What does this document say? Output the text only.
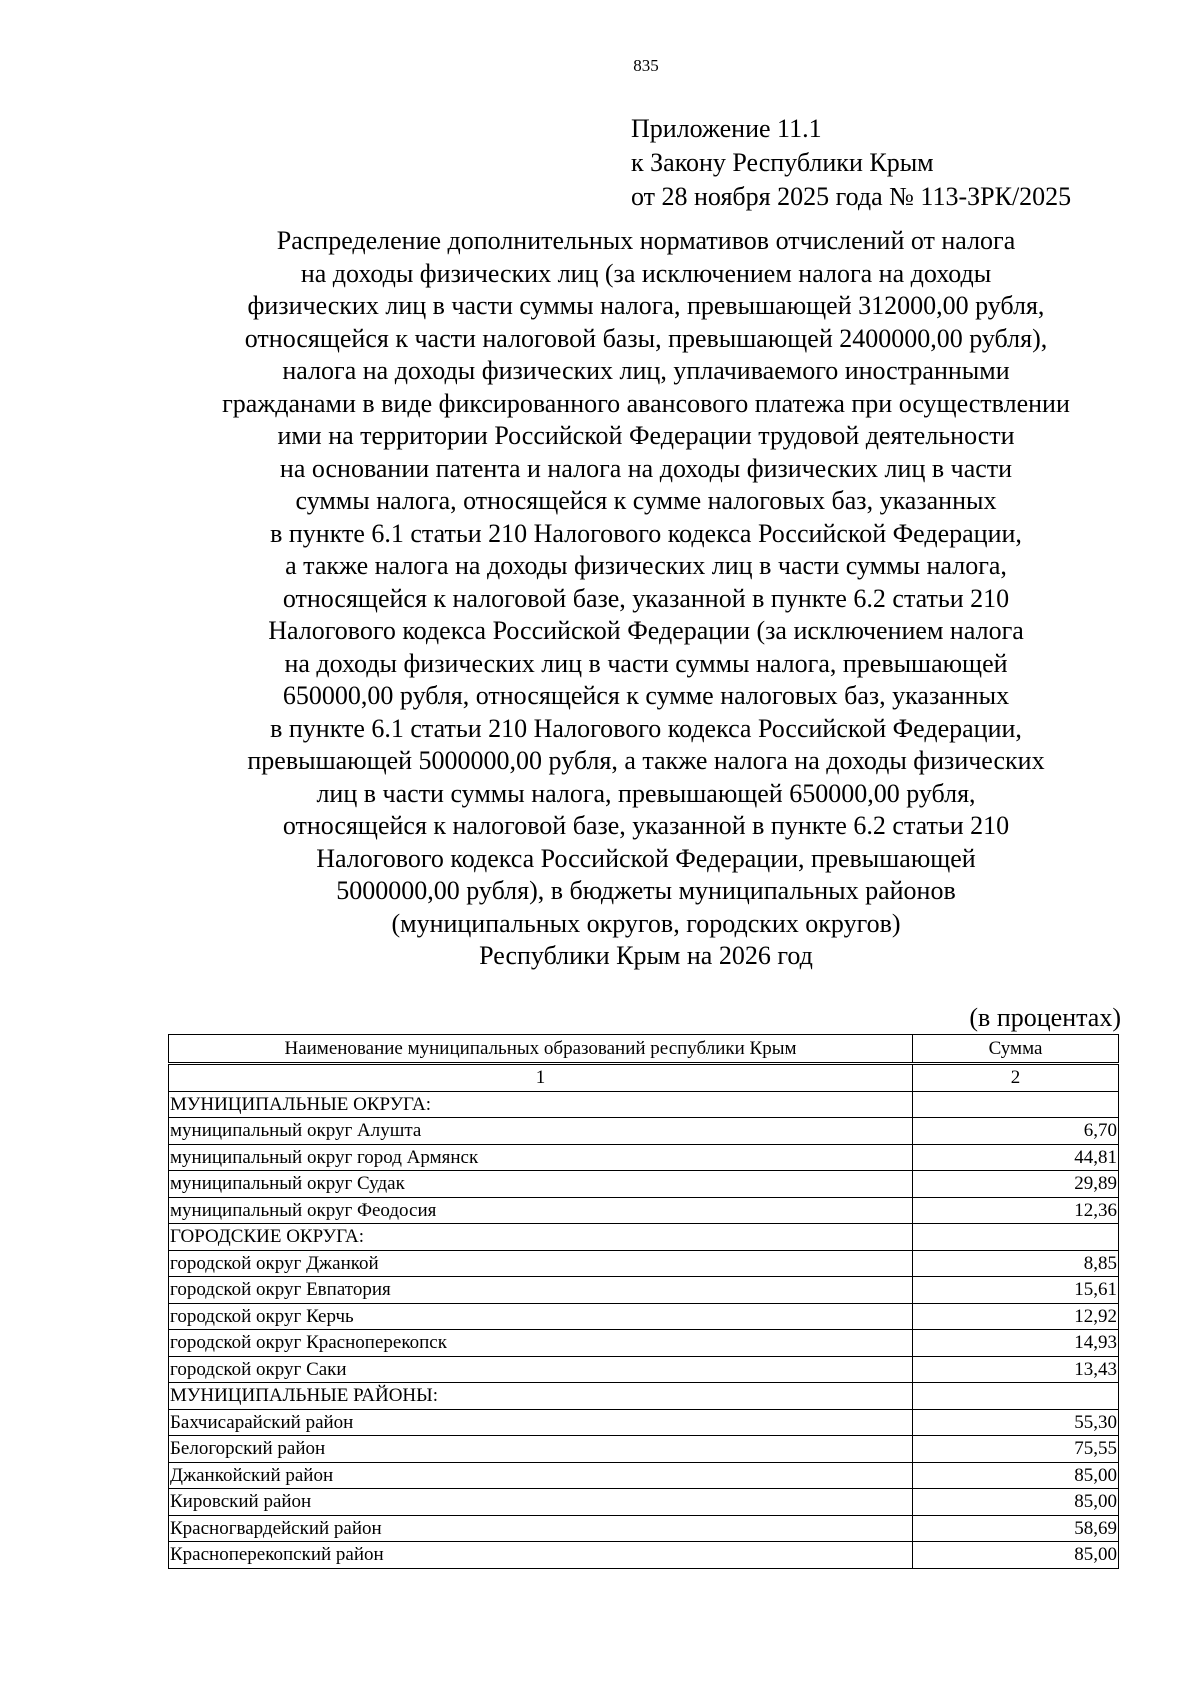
835
Приложение 11.1
к Закону Республики Крым
от 28 ноября 2025 года № 113-ЗРК/2025
Распределение дополнительных нормативов отчислений от налога
на доходы физических лиц (за исключением налога на доходы
физических лиц в части суммы налога, превышающей 312000,00 рубля,
относящейся к части налоговой базы, превышающей 2400000,00 рубля),
налога на доходы физических лиц, уплачиваемого иностранными
гражданами в виде фиксированного авансового платежа при осуществлении
ими на территории Российской Федерации трудовой деятельности
на основании патента и налога на доходы физических лиц в части
суммы налога, относящейся к сумме налоговых баз, указанных
в пункте 6.1 статьи 210 Налогового кодекса Российской Федерации,
а также налога на доходы физических лиц в части суммы налога,
относящейся к налоговой базе, указанной в пункте 6.2 статьи 210
Налогового кодекса Российской Федерации (за исключением налога
на доходы физических лиц в части суммы налога, превышающей
650000,00 рубля, относящейся к сумме налоговых баз, указанных
в пункте 6.1 статьи 210 Налогового кодекса Российской Федерации,
превышающей 5000000,00 рубля, а также налога на доходы физических
лиц в части суммы налога, превышающей 650000,00 рубля,
относящейся к налоговой базе, указанной в пункте 6.2 статьи 210
Налогового кодекса Российской Федерации, превышающей
5000000,00 рубля), в бюджеты муниципальных районов
(муниципальных округов, городских округов)
Республики Крым на 2026 год
(в процентах)
Наименование муниципальных образований республики Крым	Сумма
1	2
МУНИЦИПАЛЬНЫЕ ОКРУГА:	
муниципальный округ Алушта	6,70
муниципальный округ город Армянск	44,81
муниципальный округ Судак	29,89
муниципальный округ Феодосия	12,36
ГОРОДСКИЕ ОКРУГА:	
городской округ Джанкой	8,85
городской округ Евпатория	15,61
городской округ Керчь	12,92
городской округ Красноперекопск	14,93
городской округ Саки	13,43
МУНИЦИПАЛЬНЫЕ РАЙОНЫ:	
Бахчисарайский район	55,30
Белогорский район	75,55
Джанкойский район	85,00
Кировский район	85,00
Красногвардейский район	58,69
Красноперекопский район	85,00
